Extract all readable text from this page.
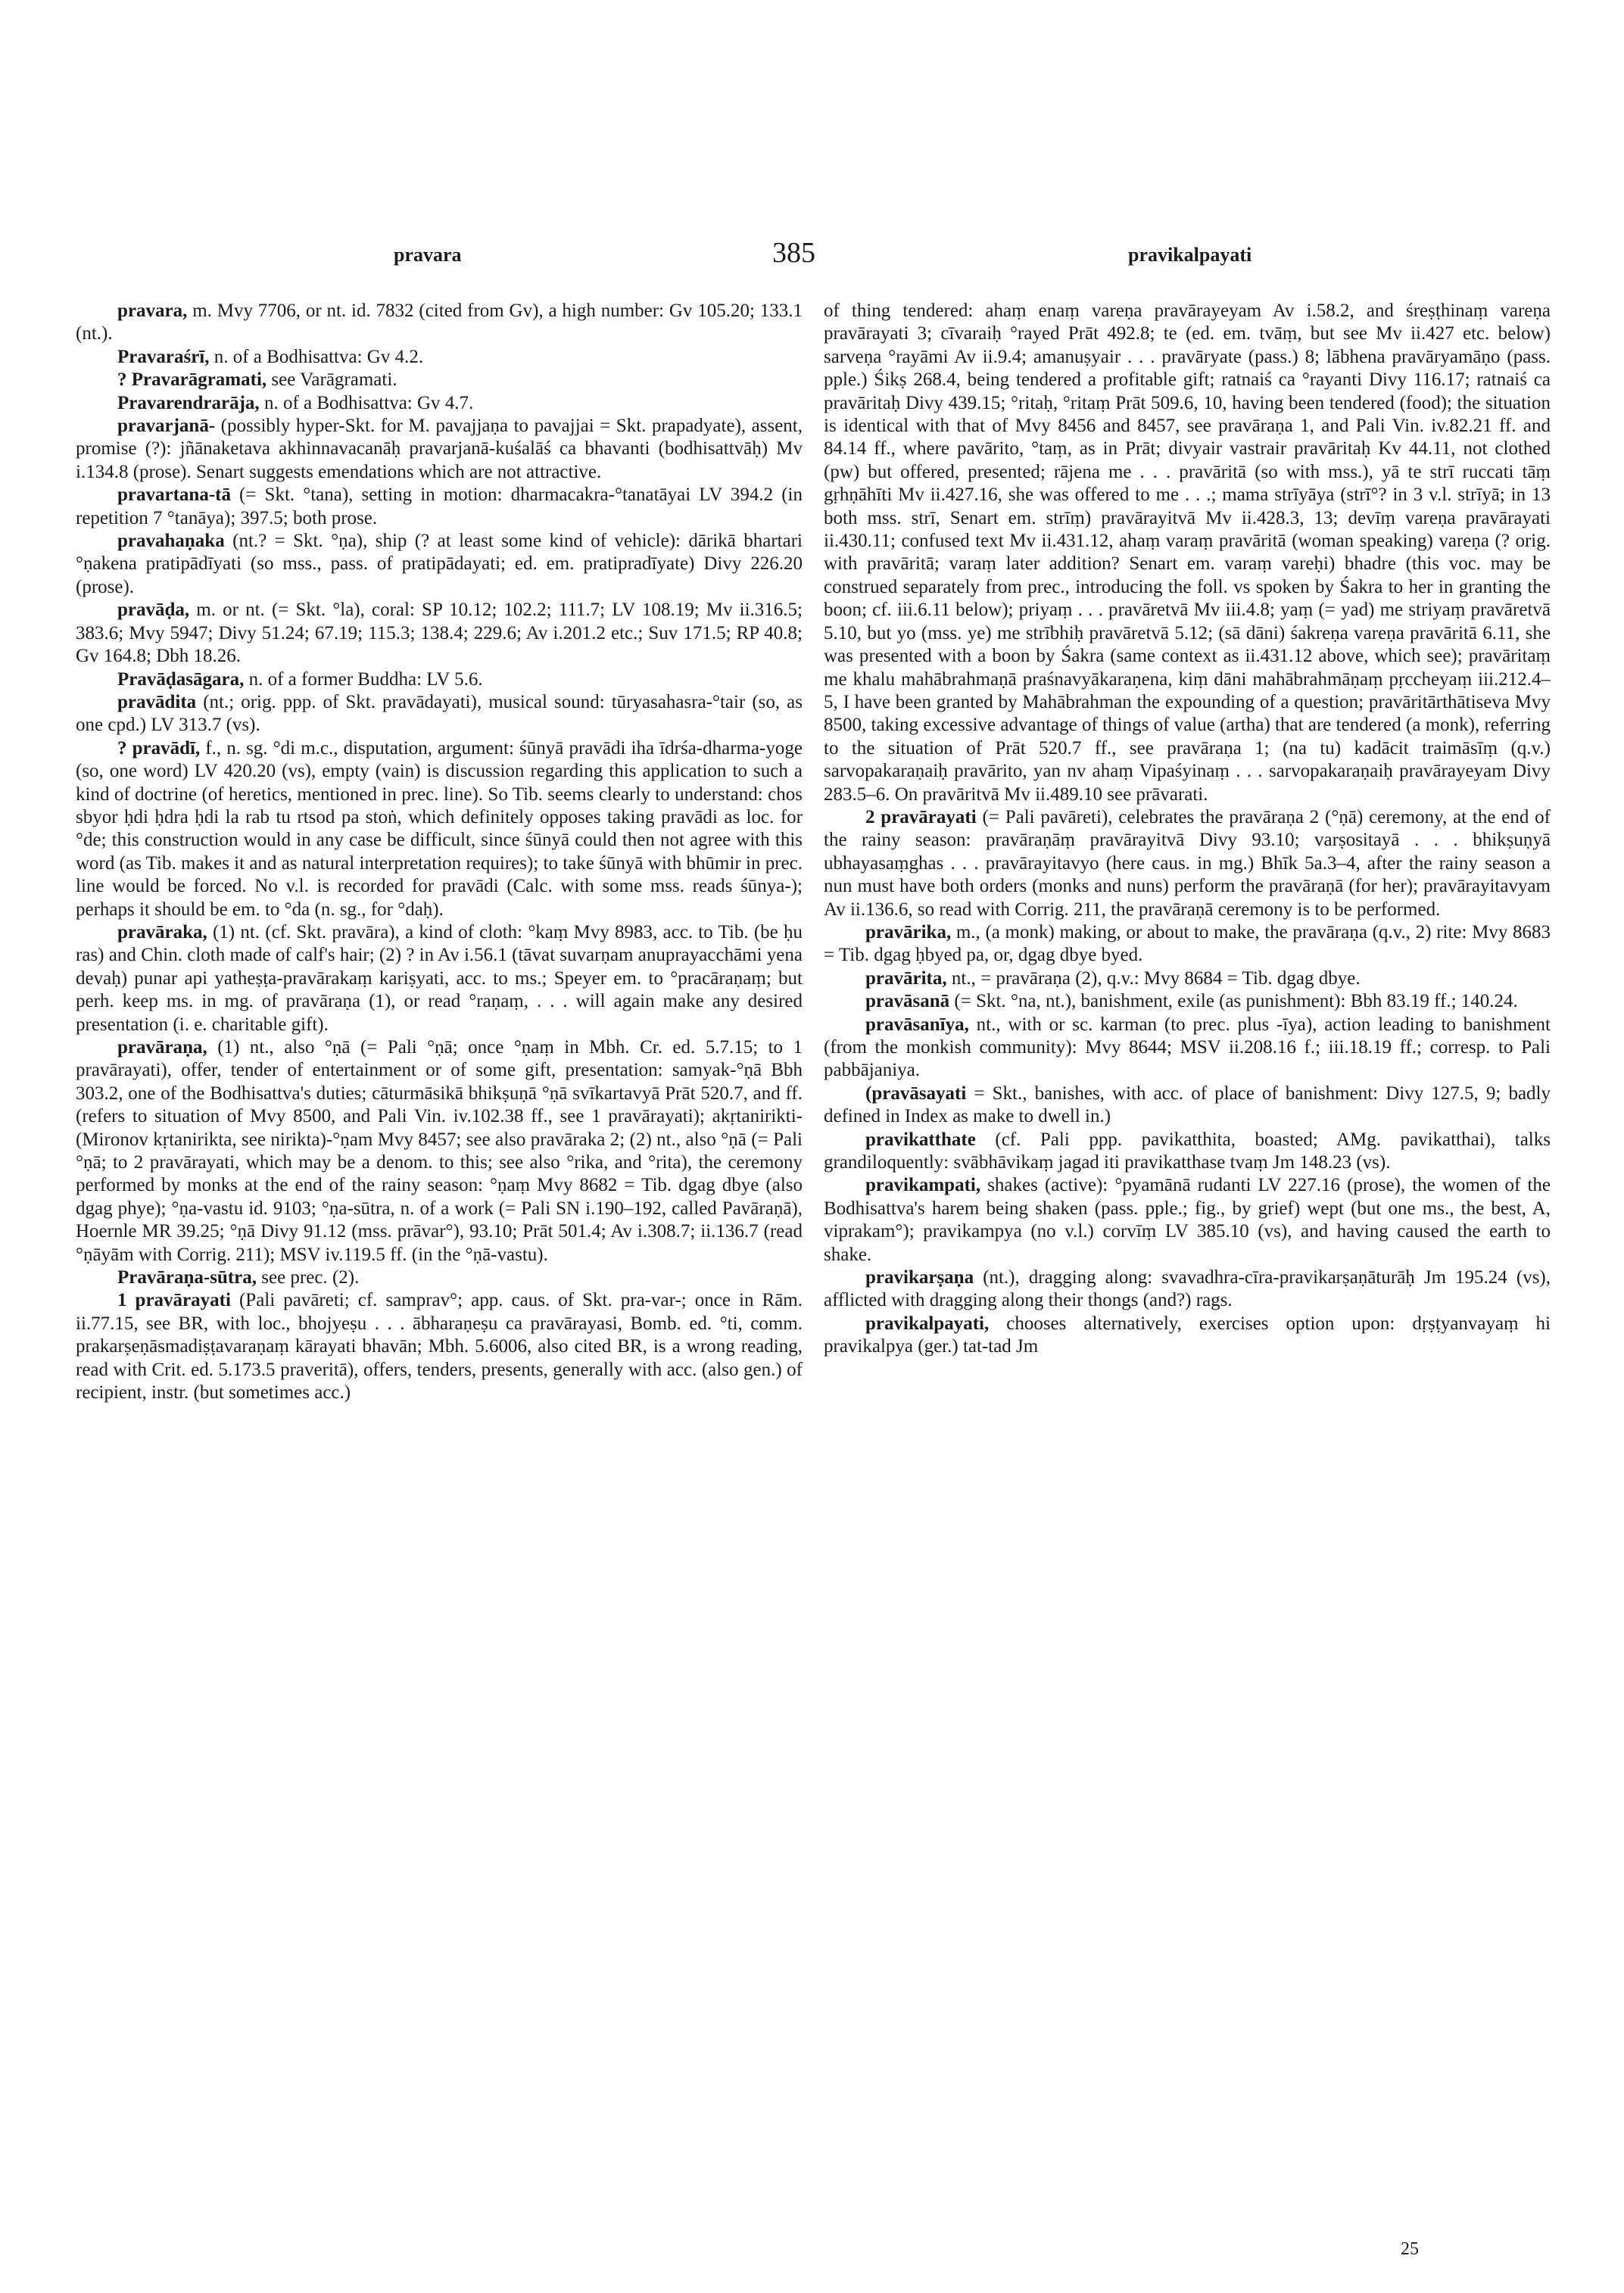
pravara	385	pravikalpayati

pravara, m. Mvy 7706, or nt. id. 7832 (cited from Gv), a high number: Gv 105.20; 133.1 (nt.).

Pravaraśrī, n. of a Bodhisattva: Gv 4.2.

? Pravarāgramati, see Varāgramati.

Pravarendrarāja, n. of a Bodhisattva: Gv 4.7.

pravarjanā- (possibly hyper-Skt. for M. pavajjaṇa to pavajjai = Skt. prapadyate), assent, promise (?): jñānaketava akhinnavacanāḥ pravarjanā-kuśalāś ca bhavanti (bodhisattvāḥ) Mv i.134.8 (prose). Senart suggests emendations which are not attractive.

pravartana-tā (= Skt. °tana), setting in motion: dharmacakra-°tanatāyai LV 394.2 (in repetition 7 °tanāya); 397.5; both prose.

pravahaṇaka (nt.? = Skt. °ṇa), ship (? at least some kind of vehicle): dārikā bhartari °ṇakena pratipādīyati (so mss., pass. of pratipādayati; ed. em. pratipradīyate) Divy 226.20 (prose).

pravāḍa, m. or nt. (= Skt. °la), coral: SP 10.12; 102.2; 111.7; LV 108.19; Mv ii.316.5; 383.6; Mvy 5947; Divy 51.24; 67.19; 115.3; 138.4; 229.6; Av i.201.2 etc.; Suv 171.5; RP 40.8; Gv 164.8; Dbh 18.26.

Pravāḍasāgara, n. of a former Buddha: LV 5.6.

pravādita (nt.; orig. ppp. of Skt. pravādayati), musical sound: tūryasahasra-°tair (so, as one cpd.) LV 313.7 (vs).

? pravādī, f., n. sg. °di m.c., disputation, argument: śūnyā pravādi iha īdrśa-dharma-yoge (so, one word) LV 420.20 (vs), empty (vain) is discussion regarding this application to such a kind of doctrine (of heretics, mentioned in prec. line). So Tib. seems clearly to understand: chos sbyor ḥdi ḥdra ḥdi la rab tu rtsod pa stoṅ, which definitely opposes taking pravādi as loc. for °de; this construction would in any case be difficult, since śūnyā could then not agree with this word (as Tib. makes it and as natural interpretation requires); to take śūnyā with bhūmir in prec. line would be forced. No v.l. is recorded for pravādi (Calc. with some mss. reads śūnya-); perhaps it should be em. to °da (n. sg., for °daḥ).

pravāraka, (1) nt. (cf. Skt. pravāra), a kind of cloth: °kaṃ Mvy 8983, acc. to Tib. (be ḥu ras) and Chin. cloth made of calf's hair; (2) ? in Av i.56.1 (tāvat suvarṇam anuprayacchāmi yena devaḥ) punar api yatheṣṭa-pravārakaṃ kariṣyati, acc. to ms.; Speyer em. to °pracāraṇaṃ; but perh. keep ms. in mg. of pravāraṇa (1), or read °raṇaṃ, . . . will again make any desired presentation (i. e. charitable gift).

pravāraṇa, (1) nt., also °ṇā (= Pali °ṇā; once °ṇaṃ in Mbh. Cr. ed. 5.7.15; to 1 pravārayati), offer, tender of entertainment or of some gift, presentation: samyak-°ṇā Bbh 303.2, one of the Bodhisattva's duties; cāturmāsikā bhikṣuṇā °ṇā svīkartavyā Prāt 520.7, and ff. (refers to situation of Mvy 8500, and Pali Vin. iv.102.38 ff., see 1 pravārayati); akṛtanirikti- (Mironov kṛtanirikta, see nirikta)-°ṇam Mvy 8457; see also pravāraka 2; (2) nt., also °ṇā (= Pali °ṇā; to 2 pravārayati, which may be a denom. to this; see also °rika, and °rita), the ceremony performed by monks at the end of the rainy season: °ṇaṃ Mvy 8682 = Tib. dgag dbye (also dgag phye); °ṇa-vastu id. 9103; °ṇa-sūtra, n. of a work (= Pali SN i.190–192, called Pavāraṇā), Hoernle MR 39.25; °ṇā Divy 91.12 (mss. prāvar°), 93.10; Prāt 501.4; Av i.308.7; ii.136.7 (read °ṇāyām with Corrig. 211); MSV iv.119.5 ff. (in the °ṇā-vastu).

Pravāraṇa-sūtra, see prec. (2).

1 pravārayati (Pali pavāreti; cf. samprav°; app. caus. of Skt. pra-var-; once in Rām. ii.77.15, see BR, with loc., bhojyeṣu . . . ābharaṇeṣu ca pravārayasi, Bomb. ed. °ti, comm. prakarṣeṇāsmadiṣṭavaraṇaṃ kārayati bhavān; Mbh. 5.6006, also cited BR, is a wrong reading, read with Crit. ed. 5.173.5 praveritā), offers, tenders, presents, generally with acc. (also gen.) of recipient, instr. (but sometimes acc.)

of thing tendered: ahaṃ enaṃ vareṇa pravārayeyam Av i.58.2, and śreṣṭhinaṃ vareṇa pravārayati 3; cīvaraiḥ °rayed Prāt 492.8; te (ed. em. tvāṃ, but see Mv ii.427 etc. below) sarveṇa °rayāmi Av ii.9.4; amanuṣyair . . . pravāryate (pass.) 8; lābhena pravāryamāṇo (pass. pple.) Śikṣ 268.4, being tendered a profitable gift; ratnaiś ca °rayanti Divy 116.17; ratnaiś ca pravāritaḥ Divy 439.15; °ritaḥ, °ritaṃ Prāt 509.6, 10, having been tendered (food); the situation is identical with that of Mvy 8456 and 8457, see pravāraṇa 1, and Pali Vin. iv.82.21 ff. and 84.14 ff., where pavārito, °taṃ, as in Prāt; divyair vastrair pravāritaḥ Kv 44.11, not clothed (pw) but offered, presented; rājena me . . . pravāritā (so with mss.), yā te strī ruccati tāṃ gṛhṇāhīti Mv ii.427.16, she was offered to me . . .; mama strīyāya (strī°? in 3 v.l. strīyā; in 13 both mss. strī, Senart em. strīṃ) pravārayitvā Mv ii.428.3, 13; devīṃ vareṇa pravārayati ii.430.11; confused text Mv ii.431.12, ahaṃ varaṃ pravāritā (woman speaking) vareṇa (? orig. with pravāritā; varaṃ later addition? Senart em. varaṃ vareḥi) bhadre (this voc. may be construed separately from prec., introducing the foll. vs spoken by Śakra to her in granting the boon; cf. iii.6.11 below); priyaṃ . . . pravāretvā Mv iii.4.8; yaṃ (= yad) me striyaṃ pravāretvā 5.10, but yo (mss. ye) me strībhiḥ pravāretvā 5.12; (sā dāni) śakreṇa vareṇa pravāritā 6.11, she was presented with a boon by Śakra (same context as ii.431.12 above, which see); pravāritaṃ me khalu mahābrahmaṇā praśnavyākaraṇena, kiṃ dāni mahābrahmāṇaṃ pṛccheyaṃ iii.212.4–5, I have been granted by Mahābrahman the expounding of a question; pravāritārthātiseva Mvy 8500, taking excessive advantage of things of value (artha) that are tendered (a monk), referring to the situation of Prāt 520.7 ff., see pravāraṇa 1; (na tu) kadācit traimāsīṃ (q.v.) sarvopakaraṇaiḥ pravārito, yan nv ahaṃ Vipaśyinaṃ . . . sarvopakaraṇaiḥ pravārayeyam Divy 283.5–6. On pravāritvā Mv ii.489.10 see prāvarati.

2 pravārayati (= Pali pavāreti), celebrates the pravāraṇa 2 (°ṇā) ceremony, at the end of the rainy season: pravāraṇāṃ pravārayitvā Divy 93.10; varṣositayā . . . bhikṣuṇyā ubhayasaṃghas . . . pravārayitavyo (here caus. in mg.) Bhīk 5a.3–4, after the rainy season a nun must have both orders (monks and nuns) perform the pravāraṇā (for her); pravārayitavyam Av ii.136.6, so read with Corrig. 211, the pravāraṇā ceremony is to be performed.

pravārika, m., (a monk) making, or about to make, the pravāraṇa (q.v., 2) rite: Mvy 8683 = Tib. dgag ḥbyed pa, or, dgag dbye byed.

pravārita, nt., = pravāraṇa (2), q.v.: Mvy 8684 = Tib. dgag dbye.

pravāsanā (= Skt. °na, nt.), banishment, exile (as punishment): Bbh 83.19 ff.; 140.24.

pravāsanīya, nt., with or sc. karman (to prec. plus -īya), action leading to banishment (from the monkish community): Mvy 8644; MSV ii.208.16 f.; iii.18.19 ff.; corresp. to Pali pabbājaniya.

(pravāsayati = Skt., banishes, with acc. of place of banishment: Divy 127.5, 9; badly defined in Index as make to dwell in.)

pravikatthate (cf. Pali ppp. pavikatthita, boasted; AMg. pavikatthai), talks grandiloquently: svābhāvikaṃ jagad iti pravikatthase tvaṃ Jm 148.23 (vs).

pravikampati, shakes (active): °pyamānā rudanti LV 227.16 (prose), the women of the Bodhisattva's harem being shaken (pass. pple.; fig., by grief) wept (but one ms., the best, A, viprakam°); pravikampya (no v.l.) corvīṃ LV 385.10 (vs), and having caused the earth to shake.

pravikarṣaṇa (nt.), dragging along: svavadhra-cīra-pravikarṣaṇāturāḥ Jm 195.24 (vs), afflicted with dragging along their thongs (and?) rags.

pravikalpayati, chooses alternatively, exercises option upon: dṛṣṭyanvayaṃ hi pravikalpya (ger.) tat-tad Jm

25
